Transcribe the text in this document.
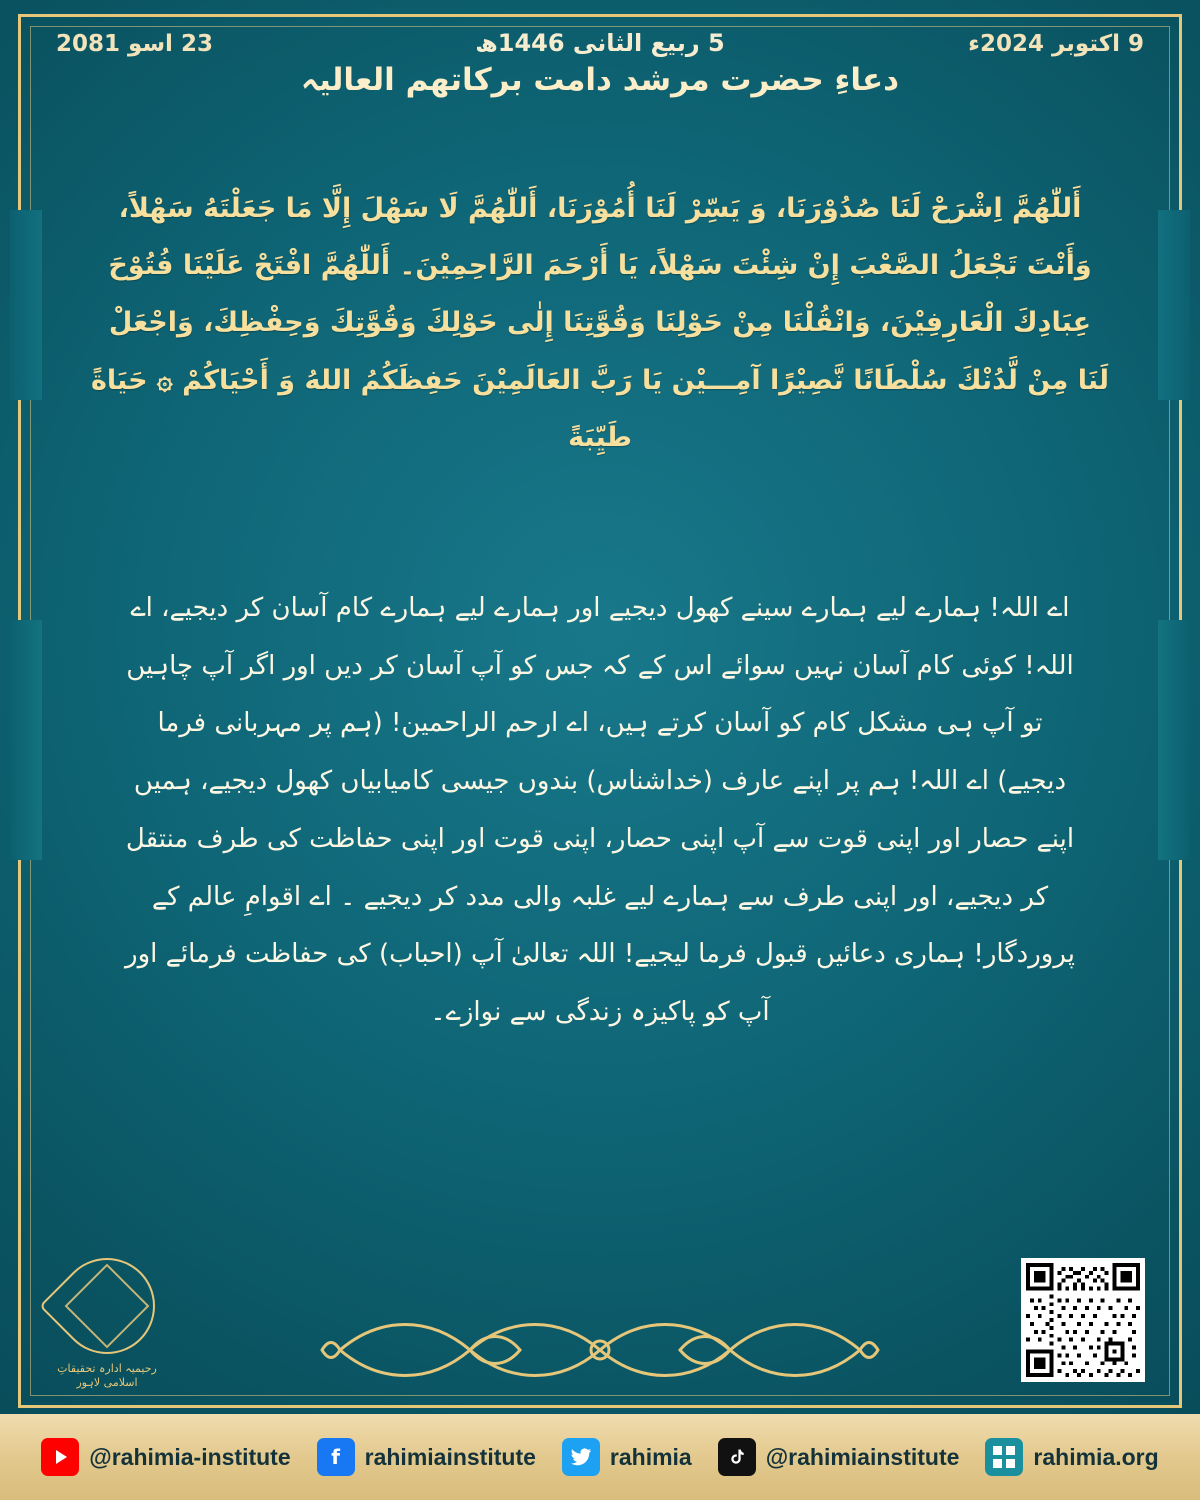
23 اسو 2081	5 ربیع الثانی 1446ھ	9 اکتوبر 2024ء
دعاءِ حضرت مرشد دامت برکاتهم العالیہ
أَللّٰهُمَّ اِشْرَحْ لَنَا صُدُوْرَنَا، وَ يَسِّرْ لَنَا أُمُوْرَنَا، أَللّٰهُمَّ لَا سَهْلَ إِلَّا مَا جَعَلْتَهُ سَهْلاً، وَأَنْتَ تَجْعَلُ الصَّعْبَ إِنْ شِئْتَ سَهْلاً، يَا أَرْحَمَ الرَّاحِمِيْنَ۔ أَللّٰهُمَّ افْتَحْ عَلَيْنَا فُتُوْحَ عِبَادِكَ الْعَارِفِيْنَ، وَانْقُلْنَا مِنْ حَوْلِنَا وَقُوَّتِنَا إِلٰى حَوْلِكَ وَقُوَّتِكَ وَحِفْظِكَ، وَاجْعَلْ لَنَا مِنْ لَّدُنْكَ سُلْطَانًا نَّصِيْرًا آمِـــيْن يَا رَبَّ العَالَمِيْنَ حَفِظَكُمُ اللهُ وَ أَحْيَاكُمْ ۞ حَيَاةً طَيِّبَةً
اے اللہ! ہمارے لیے ہمارے سینے کھول دیجیے اور ہمارے لیے ہمارے کام آسان کر دیجیے، اے اللہ! کوئی کام آسان نہیں سوائے اس کے کہ جس کو آپ آسان کر دیں اور اگر آپ چاہیں تو آپ ہی مشکل کام کو آسان کرتے ہیں، اے ارحم الراحمین! (ہم پر مہربانی فرما دیجیے) اے اللہ! ہم پر اپنے عارف (خداشناس) بندوں جیسی کامیابیاں کھول دیجیے، ہمیں اپنے حصار اور اپنی قوت سے آپ اپنی حصار، اپنی قوت اور اپنی حفاظت کی طرف منتقل کر دیجیے، اور اپنی طرف سے ہمارے لیے غلبہ والی مدد کر دیجیے ۔ اے اقوامِ عالم کے پروردگار! ہماری دعائیں قبول فرما لیجیے! اللہ تعالیٰ آپ (احباب) کی حفاظت فرمائے اور آپ کو پاکیزہ زندگی سے نوازے۔
رحیمیہ ادارہ تحقیقاتِ اسلامی لاہور
@rahimia-institute	f	rahimiainstitute	rahimia	@rahimiainstitute	rahimia.org
